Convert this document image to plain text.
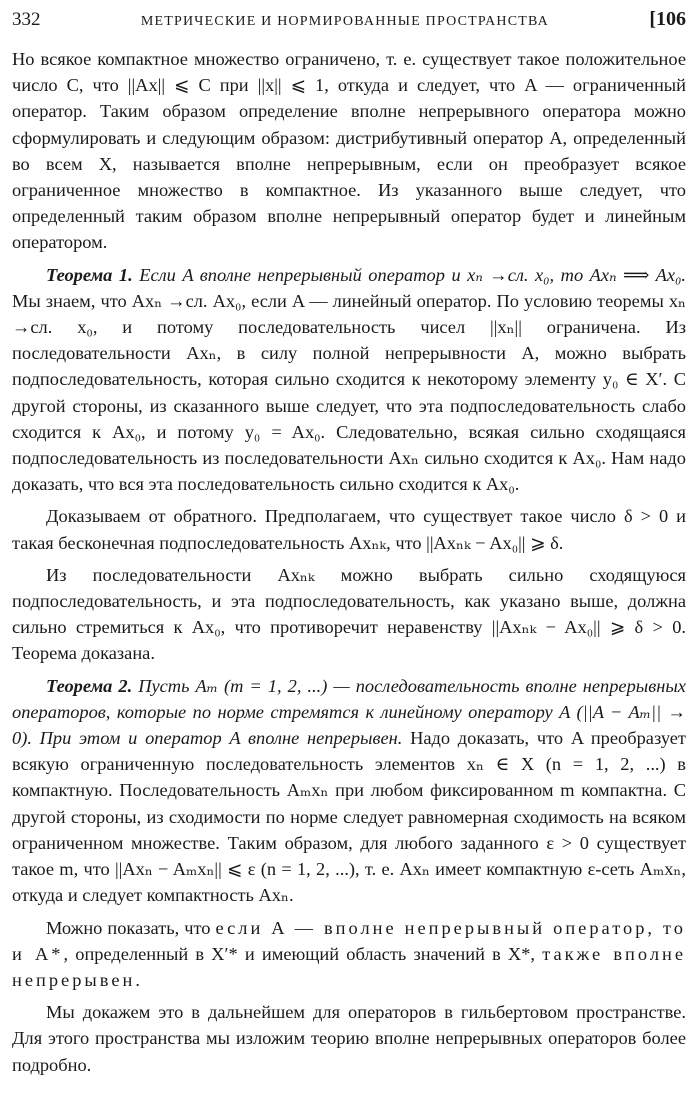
332	МЕТРИЧЕСКИЕ И НОРМИРОВАННЫЕ ПРОСТРАНСТВА	[106

Но всякое компактное множество ограничено, т. е. существует такое положительное число C, что ||Ax|| ⩽ C при ||x|| ⩽ 1, откуда и следует, что A — ограниченный оператор. Таким образом определение вполне непрерывного оператора можно сформулировать и следующим образом: дистрибутивный оператор A, определенный во всем X, называется вполне непрерывным, если он преобразует всякое ограниченное множество в компактное. Из указанного выше следует, что определенный таким образом вполне непрерывный оператор будет и линейным оператором.

Теорема 1. Если A вполне непрерывный оператор и xₙ →сл. x₀, то Axₙ ⟹ Ax₀. Мы знаем, что Axₙ →сл. Ax₀, если A — линейный оператор. По условию теоремы xₙ →сл. x₀, и потому последовательность чисел ||xₙ|| ограничена. Из последовательности Axₙ, в силу полной непрерывности A, можно выбрать подпоследовательность, которая сильно сходится к некоторому элементу y₀ ∈ X′. С другой стороны, из сказанного выше следует, что эта подпоследовательность слабо сходится к Ax₀, и потому y₀ = Ax₀. Следовательно, всякая сильно сходящаяся подпоследовательность из последовательности Axₙ сильно сходится к Ax₀. Нам надо доказать, что вся эта последовательность сильно сходится к Ax₀.

Доказываем от обратного. Предполагаем, что существует такое число δ > 0 и такая бесконечная подпоследовательность Axₙₖ, что ||Axₙₖ − Ax₀|| ⩾ δ.

Из последовательности Axₙₖ можно выбрать сильно сходящуюся подпоследовательность, и эта подпоследовательность, как указано выше, должна сильно стремиться к Ax₀, что противоречит неравенству ||Axₙₖ − Ax₀|| ⩾ δ > 0. Теорема доказана.

Теорема 2. Пусть Aₘ (m = 1, 2, ...) — последовательность вполне непрерывных операторов, которые по норме стремятся к линейному оператору A (||A − Aₘ|| → 0). При этом и оператор A вполне непрерывен. Надо доказать, что A преобразует всякую ограниченную последовательность элементов xₙ ∈ X (n = 1, 2, ...) в компактную. Последовательность Aₘxₙ при любом фиксированном m компактна. С другой стороны, из сходимости по норме следует равномерная сходимость на всяком ограниченном множестве. Таким образом, для любого заданного ε > 0 существует такое m, что ||Axₙ − Aₘxₙ|| ⩽ ε (n = 1, 2, ...), т. е. Axₙ имеет компактную ε-сеть Aₘxₙ, откуда и следует компактность Axₙ.

Можно показать, что если A — вполне непрерывный оператор, то и A*, определенный в X′* и имеющий область значений в X*, также вполне непрерывен.

Мы докажем это в дальнейшем для операторов в гильбертовом пространстве. Для этого пространства мы изложим теорию вполне непрерывных операторов более подробно.
